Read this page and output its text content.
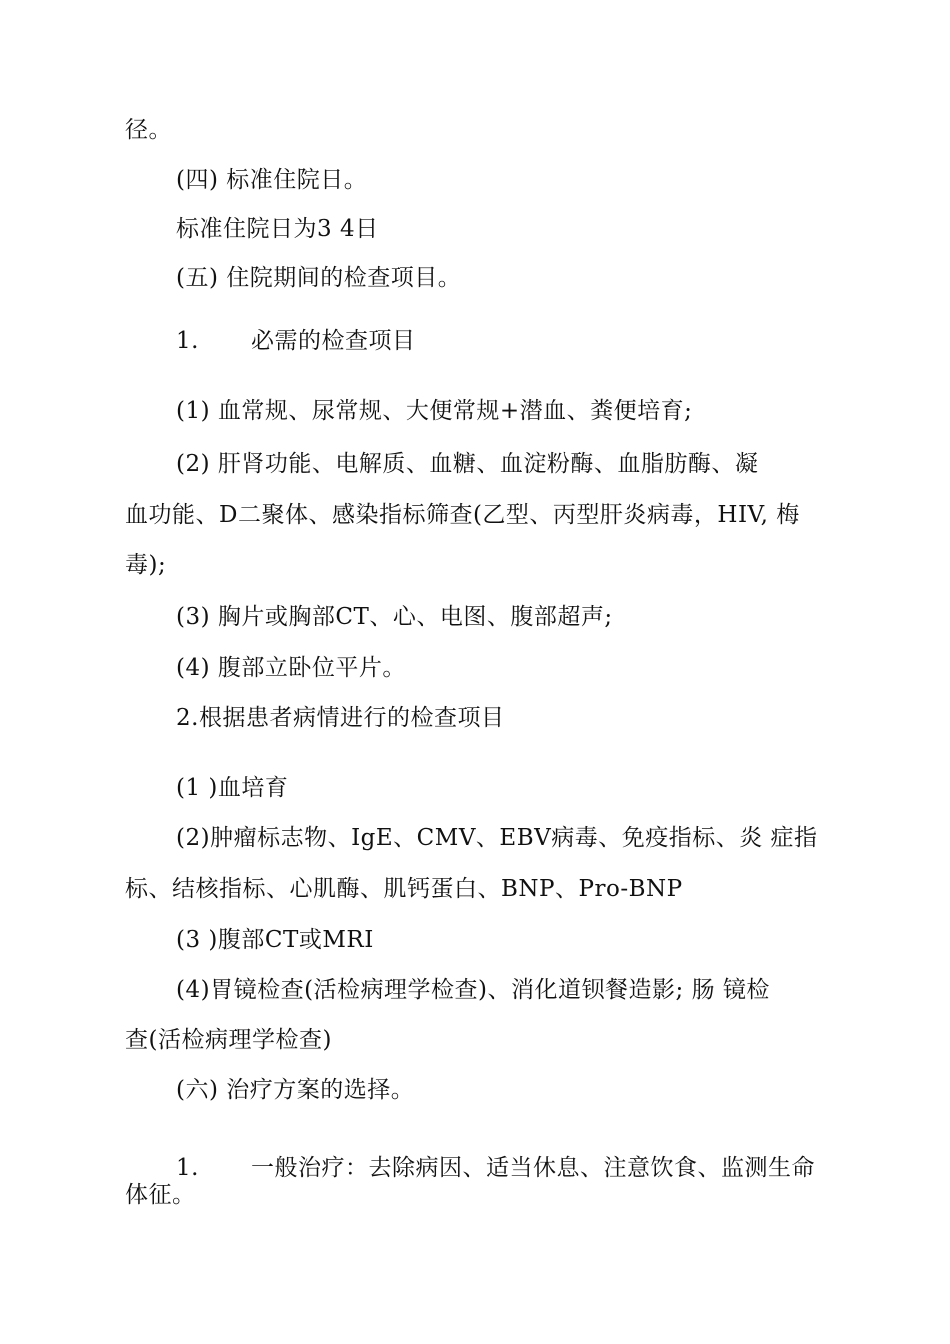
径。
(四) 标准住院日。
标准住院日为3 4日
(五) 住院期间的检查项目。
1. 必需的检查项目
(1) 血常规、尿常规、大便常规+潜血、粪便培育;
(2) 肝肾功能、电解质、血糖、血淀粉酶、血脂肪酶、凝
血功能、D二聚体、感染指标筛查(乙型、丙型肝炎病毒，HIV, 梅
毒);
(3) 胸片或胸部CT、心、电图、腹部超声;
(4) 腹部立卧位平片。
2.根据患者病情进行的检查项目
(1 )血培育
(2)肿瘤标志物、IgE、CMV、EBV病毒、免疫指标、炎 症指
标、结核指标、心肌酶、肌钙蛋白、BNP、Pro-BNP
(3 )腹部CT或MRI
(4)胃镜检查(活检病理学检查)、消化道钡餐造影; 肠 镜检
查(活检病理学检查)
(六) 治疗方案的选择。
1. 一般治疗：去除病因、适当休息、注意饮食、监测生命
体征。
